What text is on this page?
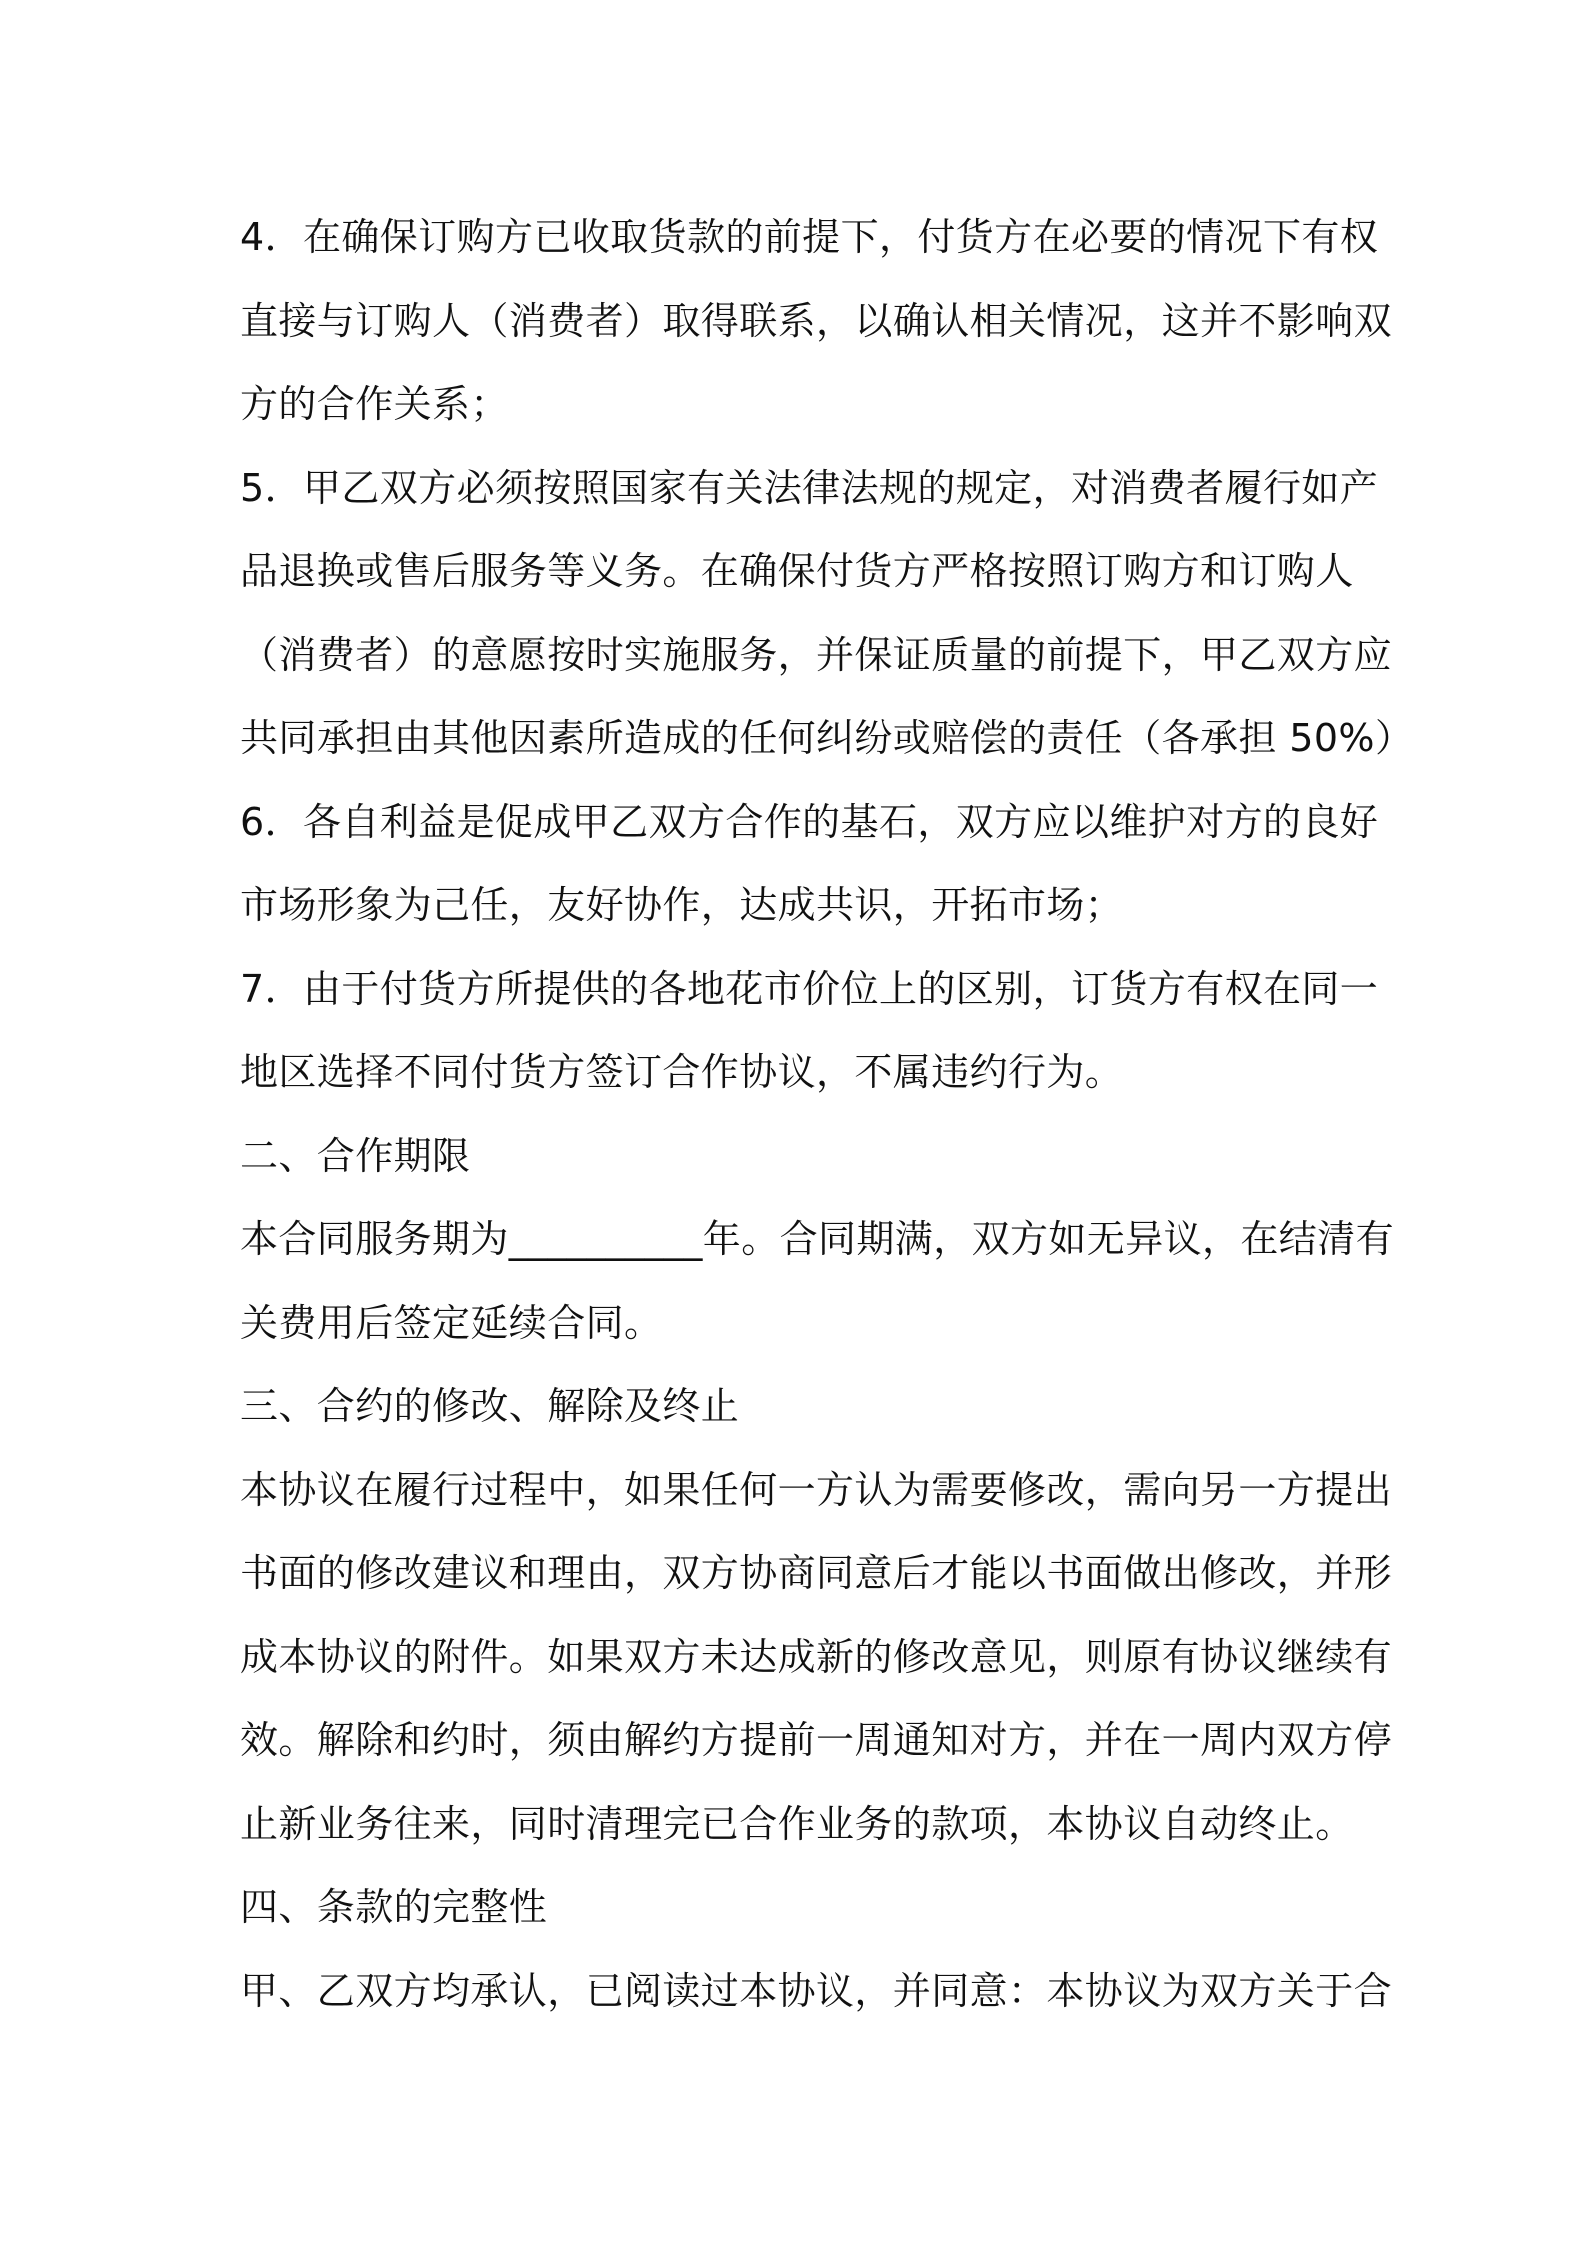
4．在确保订购方已收取货款的前提下，付货方在必要的情况下有权
直接与订购人（消费者）取得联系，以确认相关情况，这并不影响双
方的合作关系；

5．甲乙双方必须按照国家有关法律法规的规定，对消费者履行如产
品退换或售后服务等义务。在确保付货方严格按照订购方和订购人
（消费者）的意愿按时实施服务，并保证质量的前提下，甲乙双方应
共同承担由其他因素所造成的任何纠纷或赔偿的责任（各承担 50%）

6．各自利益是促成甲乙双方合作的基石，双方应以维护对方的良好
市场形象为己任，友好协作，达成共识，开拓市场；

7．由于付货方所提供的各地花市价位上的区别，订货方有权在同一
地区选择不同付货方签订合作协议，不属违约行为。

二、合作期限

本合同服务期为__________年。合同期满，双方如无异议，在结清有
关费用后签定延续合同。

三、合约的修改、解除及终止

本协议在履行过程中，如果任何一方认为需要修改，需向另一方提出
书面的修改建议和理由，双方协商同意后才能以书面做出修改，并形
成本协议的附件。如果双方未达成新的修改意见，则原有协议继续有
效。解除和约时，须由解约方提前一周通知对方，并在一周内双方停
止新业务往来，同时清理完已合作业务的款项，本协议自动终止。

四、条款的完整性

甲、乙双方均承认，已阅读过本协议，并同意：本协议为双方关于合
